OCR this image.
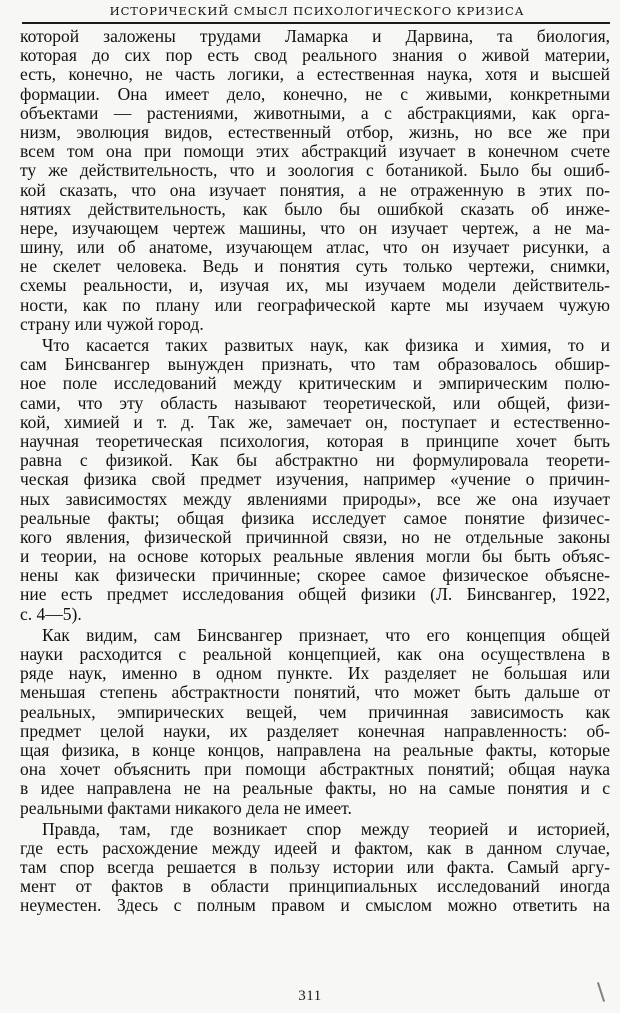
ИСТОРИЧЕСКИЙ СМЫСЛ ПСИХОЛОГИЧЕСКОГО КРИЗИСА
которой заложены трудами Ламарка и Дарвина, та биология,
которая до сих пор есть свод реального знания о живой материи,
есть, конечно, не часть логики, а естественная наука, хотя и высшей
формации. Она имеет дело, конечно, не с живыми, конкретными
объектами — растениями, животными, а с абстракциями, как орга-
низм, эволюция видов, естественный отбор, жизнь, но все же при
всем том она при помощи этих абстракций изучает в конечном счете
ту же действительность, что и зоология с ботаникой. Было бы ошиб-
кой сказать, что она изучает понятия, а не отраженную в этих по-
нятиях действительность, как было бы ошибкой сказать об инже-
нере, изучающем чертеж машины, что он изучает чертеж, а не ма-
шину, или об анатоме, изучающем атлас, что он изучает рисунки, а
не скелет человека. Ведь и понятия суть только чертежи, снимки,
схемы реальности, и, изучая их, мы изучаем модели действитель-
ности, как по плану или географической карте мы изучаем чужую
страну или чужой город.
Что касается таких развитых наук, как физика и химия, то и
сам Бинсвангер вынужден признать, что там образовалось обшир-
ное поле исследований между критическим и эмпирическим полю-
сами, что эту область называют теоретической, или общей, физи-
кой, химией и т. д. Так же, замечает он, поступает и естественно-
научная теоретическая психология, которая в принципе хочет быть
равна с физикой. Как бы абстрактно ни формулировала теорети-
ческая физика свой предмет изучения, например «учение о причин-
ных зависимостях между явлениями природы», все же она изучает
реальные факты; общая физика исследует самое понятие физичес-
кого явления, физической причинной связи, но не отдельные законы
и теории, на основе которых реальные явления могли бы быть объяс-
нены как физически причинные; скорее самое физическое объясне-
ние есть предмет исследования общей физики (Л. Бинсвангер, 1922,
с. 4—5).
Как видим, сам Бинсвангер признает, что его концепция общей
науки расходится с реальной концепцией, как она осуществлена в
ряде наук, именно в одном пункте. Их разделяет не бо́льшая или
меньшая степень абстрактности понятий, что может быть дальше от
реальных, эмпирических вещей, чем причинная зависимость как
предмет целой науки, их разделяет конечная направленность: об-
щая физика, в конце концов, направлена на реальные факты, которые
она хочет объяснить при помощи абстрактных понятий; общая наука
в идее направлена не на реальные факты, но на самые понятия и с
реальными фактами никакого дела не имеет.
Правда, там, где возникает спор между теорией и историей,
где есть расхождение между идеей и фактом, как в данном случае,
там спор всегда решается в пользу истории или факта. Самый аргу-
мент от фактов в области принципиальных исследований иногда
неуместен. Здесь с полным правом и смыслом можно ответить на
311
